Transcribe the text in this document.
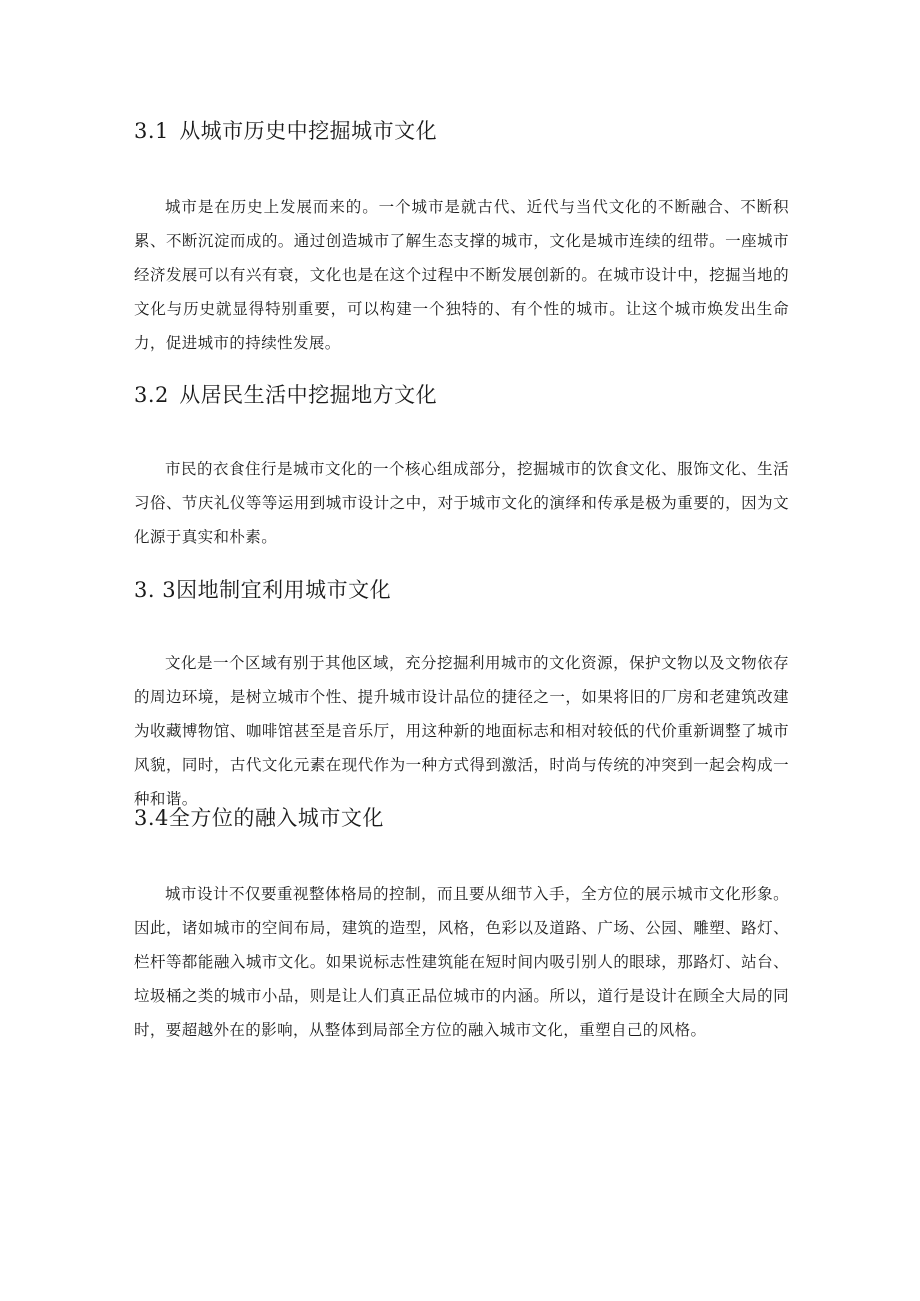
3.1 从城市历史中挖掘城市文化

城市是在历史上发展而来的。一个城市是就古代、近代与当代文化的不断融合、不断积累、不断沉淀而成的。通过创造城市了解生态支撑的城市，文化是城市连续的纽带。一座城市经济发展可以有兴有衰，文化也是在这个过程中不断发展创新的。在城市设计中，挖掘当地的文化与历史就显得特别重要，可以构建一个独特的、有个性的城市。让这个城市焕发出生命力，促进城市的持续性发展。

3.2 从居民生活中挖掘地方文化

市民的衣食住行是城市文化的一个核心组成部分，挖掘城市的饮食文化、服饰文化、生活习俗、节庆礼仪等等运用到城市设计之中，对于城市文化的演绎和传承是极为重要的，因为文化源于真实和朴素。

3. 3因地制宜利用城市文化

文化是一个区域有别于其他区域，充分挖掘利用城市的文化资源，保护文物以及文物依存的周边环境，是树立城市个性、提升城市设计品位的捷径之一，如果将旧的厂房和老建筑改建为收藏博物馆、咖啡馆甚至是音乐厅，用这种新的地面标志和相对较低的代价重新调整了城市风貌，同时，古代文化元素在现代作为一种方式得到激活，时尚与传统的冲突到一起会构成一种和谐。

3.4全方位的融入城市文化

城市设计不仅要重视整体格局的控制，而且要从细节入手，全方位的展示城市文化形象。因此，诸如城市的空间布局，建筑的造型，风格，色彩以及道路、广场、公园、雕塑、路灯、栏杆等都能融入城市文化。如果说标志性建筑能在短时间内吸引别人的眼球，那路灯、站台、垃圾桶之类的城市小品，则是让人们真正品位城市的内涵。所以，道行是设计在顾全大局的同时，要超越外在的影响，从整体到局部全方位的融入城市文化，重塑自己的风格。
